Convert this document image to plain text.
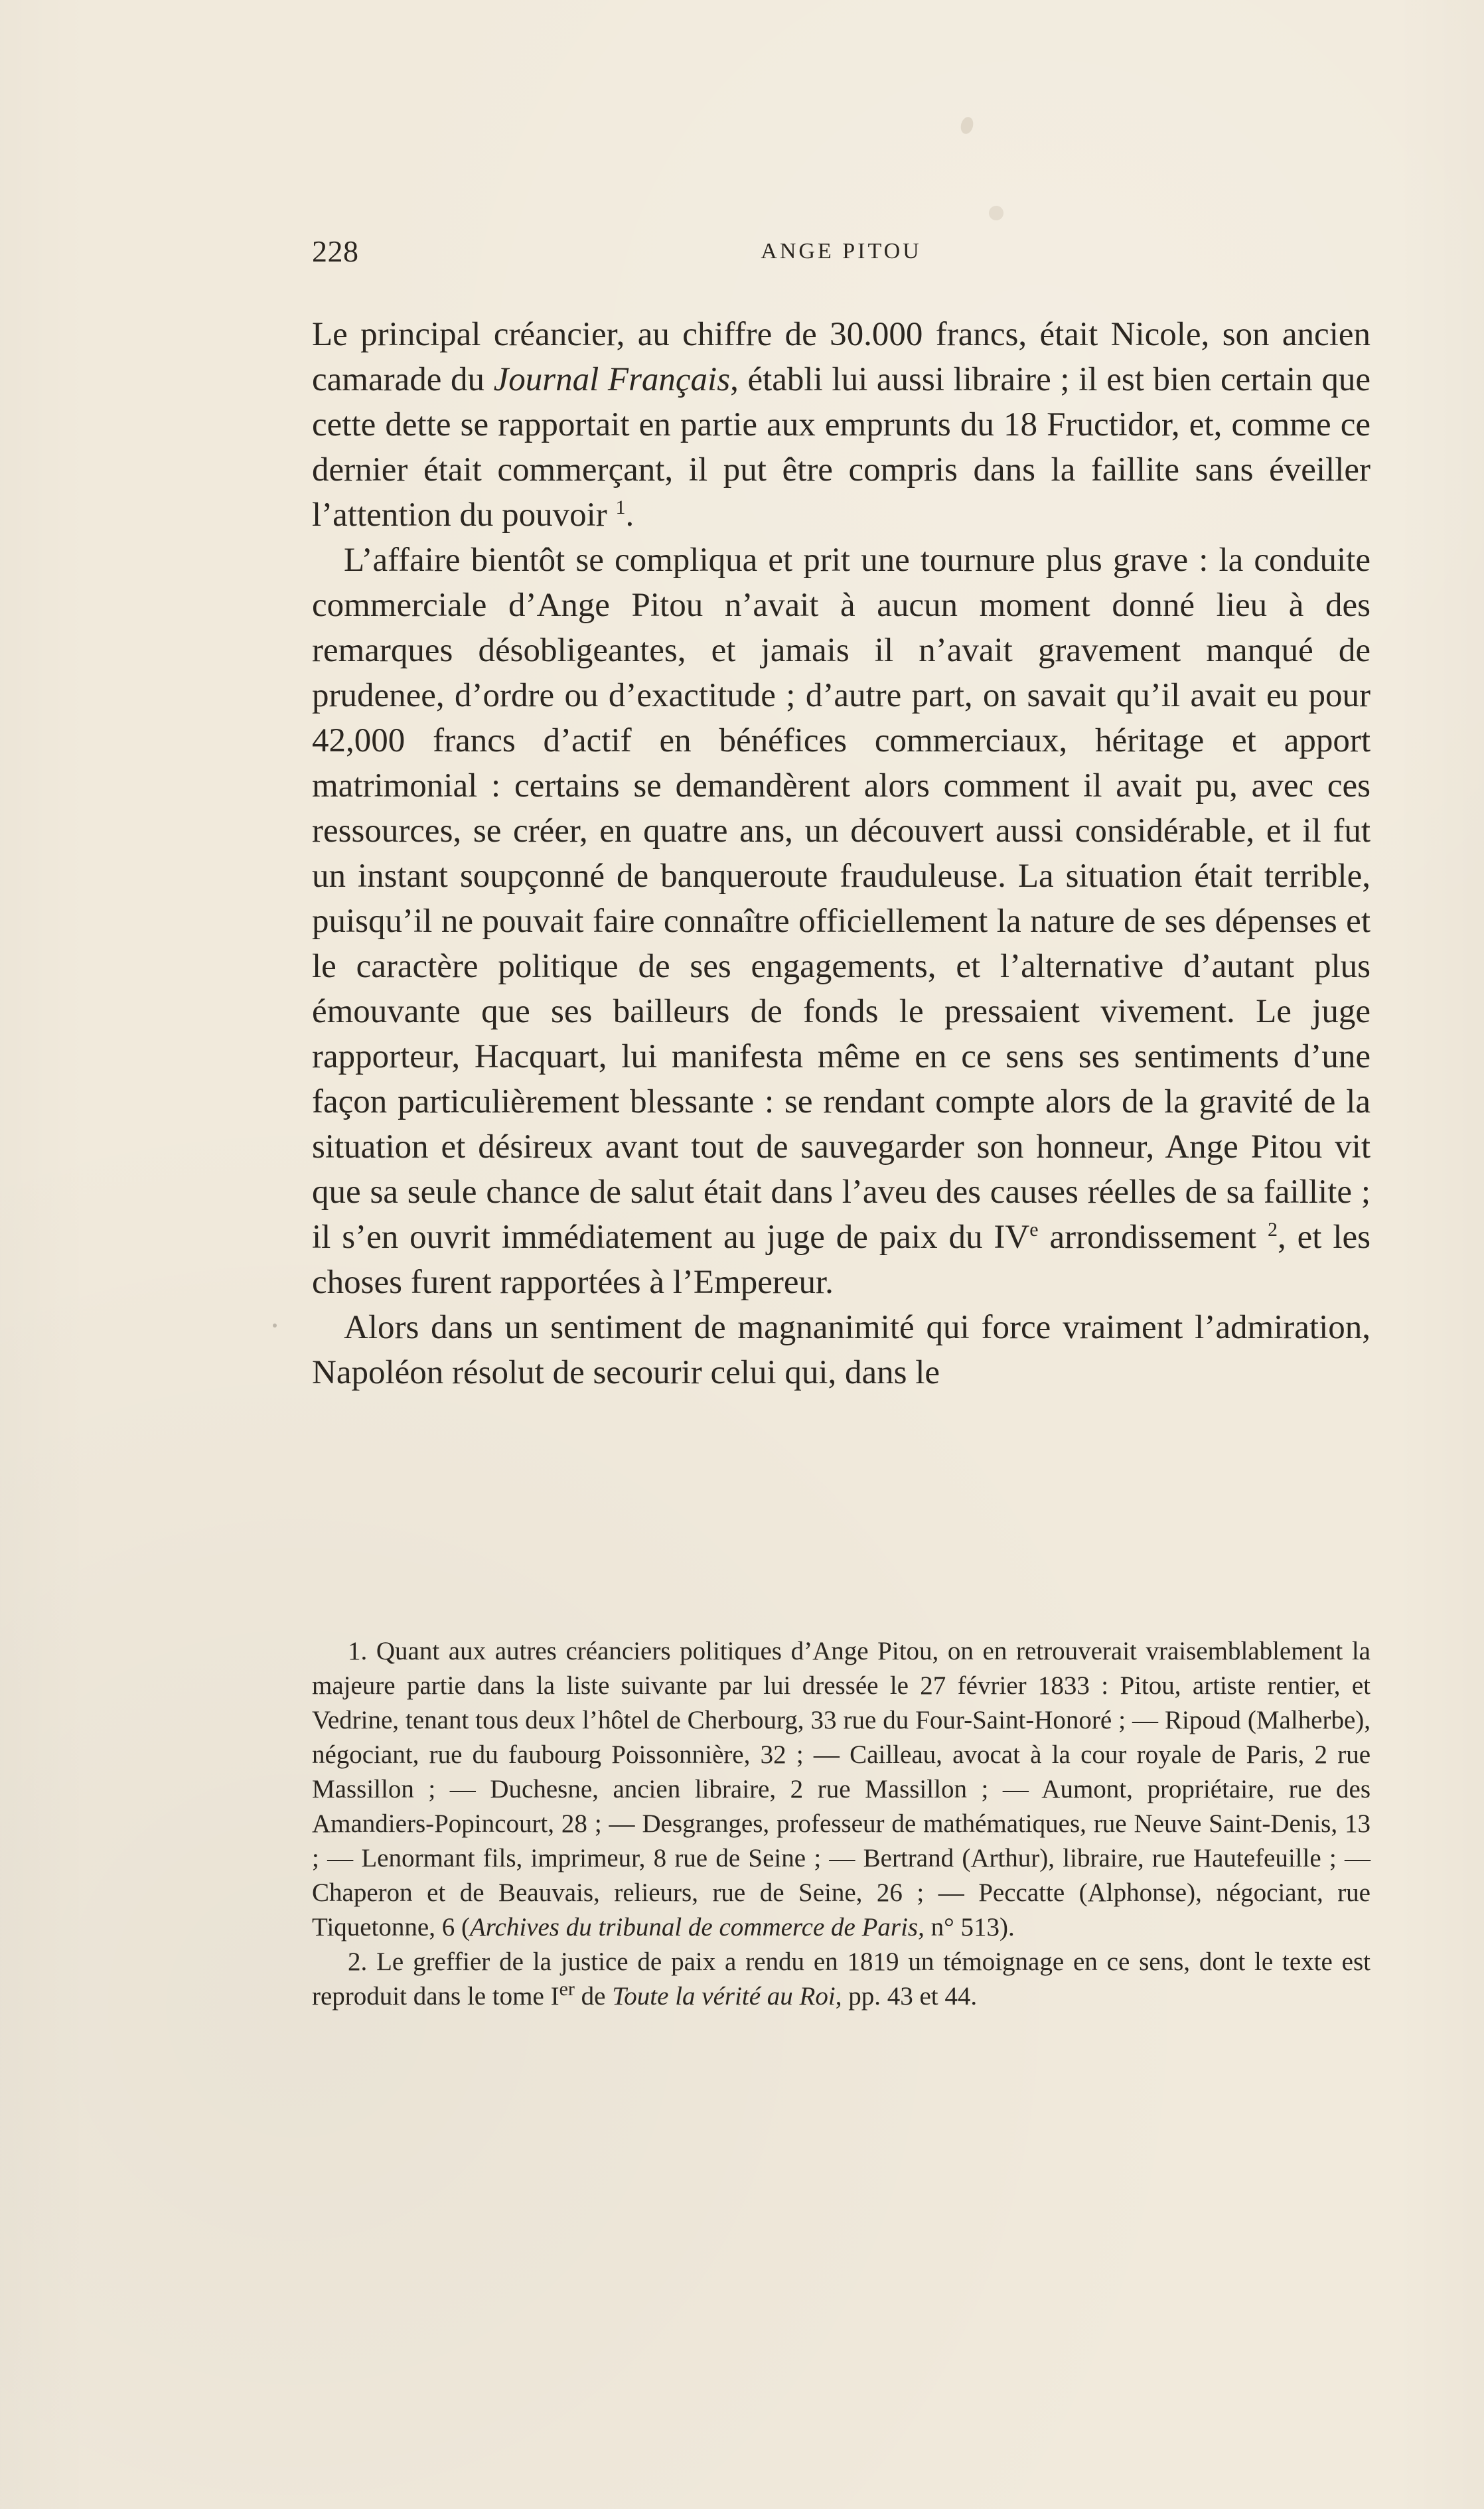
228	ANGE PITOU

Le principal créancier, au chiffre de 30.000 francs, était Nicole, son ancien camarade du Journal Français, établi lui aussi libraire ; il est bien certain que cette dette se rapportait en partie aux emprunts du 18 Fructidor, et, comme ce dernier était commerçant, il put être compris dans la faillite sans éveiller l’attention du pouvoir $^1$.

L’affaire bientôt se compliqua et prit une tournure plus grave : la conduite commerciale d’Ange Pitou n’avait à aucun moment donné lieu à des remarques désobligeantes, et jamais il n’avait gravement manqué de prudenee, d’ordre ou d’exactitude ; d’autre part, on savait qu’il avait eu pour 42,000 francs d’actif en bénéfices commerciaux, héritage et apport matrimonial : certains se demandèrent alors comment il avait pu, avec ces ressources, se créer, en quatre ans, un découvert aussi considérable, et il fut un instant soupçonné de banqueroute frauduleuse. La situation était terrible, puisqu’il ne pouvait faire connaître officiellement la nature de ses dépenses et le caractère politique de ses engagements, et l’alternative d’autant plus émouvante que ses bailleurs de fonds le pressaient vivement. Le juge rapporteur, Hacquart, lui manifesta même en ce sens ses sentiments d’une façon particulièrement blessante : se rendant compte alors de la gravité de la situation et désireux avant tout de sauvegarder son honneur, Ange Pitou vit que sa seule chance de salut était dans l’aveu des causes réelles de sa faillite ; il s’en ouvrit immédiatement au juge de paix du IVe arrondissement $^2$, et les choses furent rapportées à l’Empereur.

Alors dans un sentiment de magnanimité qui force vraiment l’admiration, Napoléon résolut de secourir celui qui, dans le

1. Quant aux autres créanciers politiques d’Ange Pitou, on en retrouverait vraisemblablement la majeure partie dans la liste suivante par lui dressée le 27 février 1833 : Pitou, artiste rentier, et Vedrine, tenant tous deux l’hôtel de Cherbourg, 33 rue du Four-Saint-Honoré ; — Ripoud (Malherbe), négociant, rue du faubourg Poissonnière, 32 ; — Cailleau, avocat à la cour royale de Paris, 2 rue Massillon ; — Duchesne, ancien libraire, 2 rue Massillon ; — Aumont, propriétaire, rue des Amandiers-Popincourt, 28 ; — Desgranges, professeur de mathématiques, rue Neuve Saint-Denis, 13 ; — Lenormant fils, imprimeur, 8 rue de Seine ; — Bertrand (Arthur), libraire, rue Hautefeuille ; — Chaperon et de Beauvais, relieurs, rue de Seine, 26 ; — Peccatte (Alphonse), négociant, rue Tiquetonne, 6 (Archives du tribunal de commerce de Paris, n° 513).

2. Le greffier de la justice de paix a rendu en 1819 un témoignage en ce sens, dont le texte est reproduit dans le tome Ier de Toute la vérité au Roi, pp. 43 et 44.
